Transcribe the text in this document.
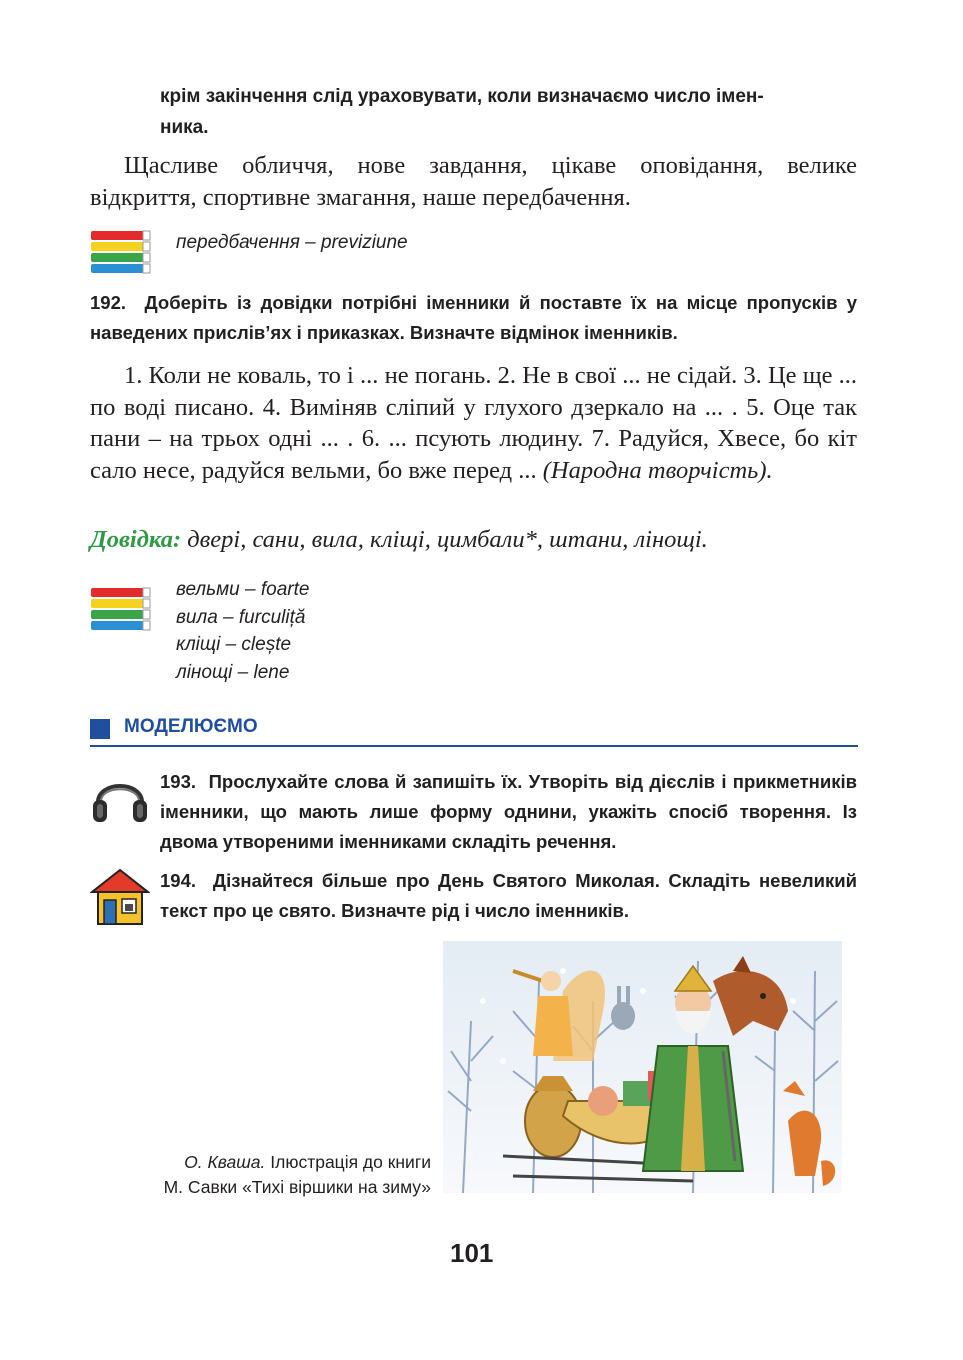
крім закінчення слід ураховувати, коли визначаємо число імен-
ника.
Щасливе обличчя, нове завдання, цікаве оповідання, велике відкриття, спортивне змагання, наше передбачення.
передбачення – previziune
192. Доберіть із довідки потрібні іменники й поставте їх на місце пропусків у наведених прислів’ях і приказках. Визначте відмінок іменників.
1. Коли не коваль, то і ... не погань. 2. Не в свої ... не сідай. 3. Це ще ... по воді писано. 4. Виміняв сліпий у глухого дзеркало на ... . 5. Оце так пани – на трьох одні ... . 6. ... псують людину. 7. Радуйся, Хвесе, бо кіт сало несе, радуйся вельми, бо вже перед ... (Народна творчість).
Довідка: двері, сани, вила, кліщі, цимбали*, штани, лінощі.
вельми – foarte
вила – furculiță
кліщі – clește
лінощі – lene
МОДЕЛЮЄМО
193. Прослухайте слова й запишіть їх. Утворіть від дієслів і прикметників іменники, що мають лише форму однини, укажіть спосіб творення. Із двома утвореними іменниками складіть речення.
194. Дізнайтеся більше про День Святого Миколая. Складіть невеликий текст про це свято. Визначте рід і число іменників.
О. Кваша. Ілюстрація до книги
М. Савки «Тихі віршики на зиму»
101
